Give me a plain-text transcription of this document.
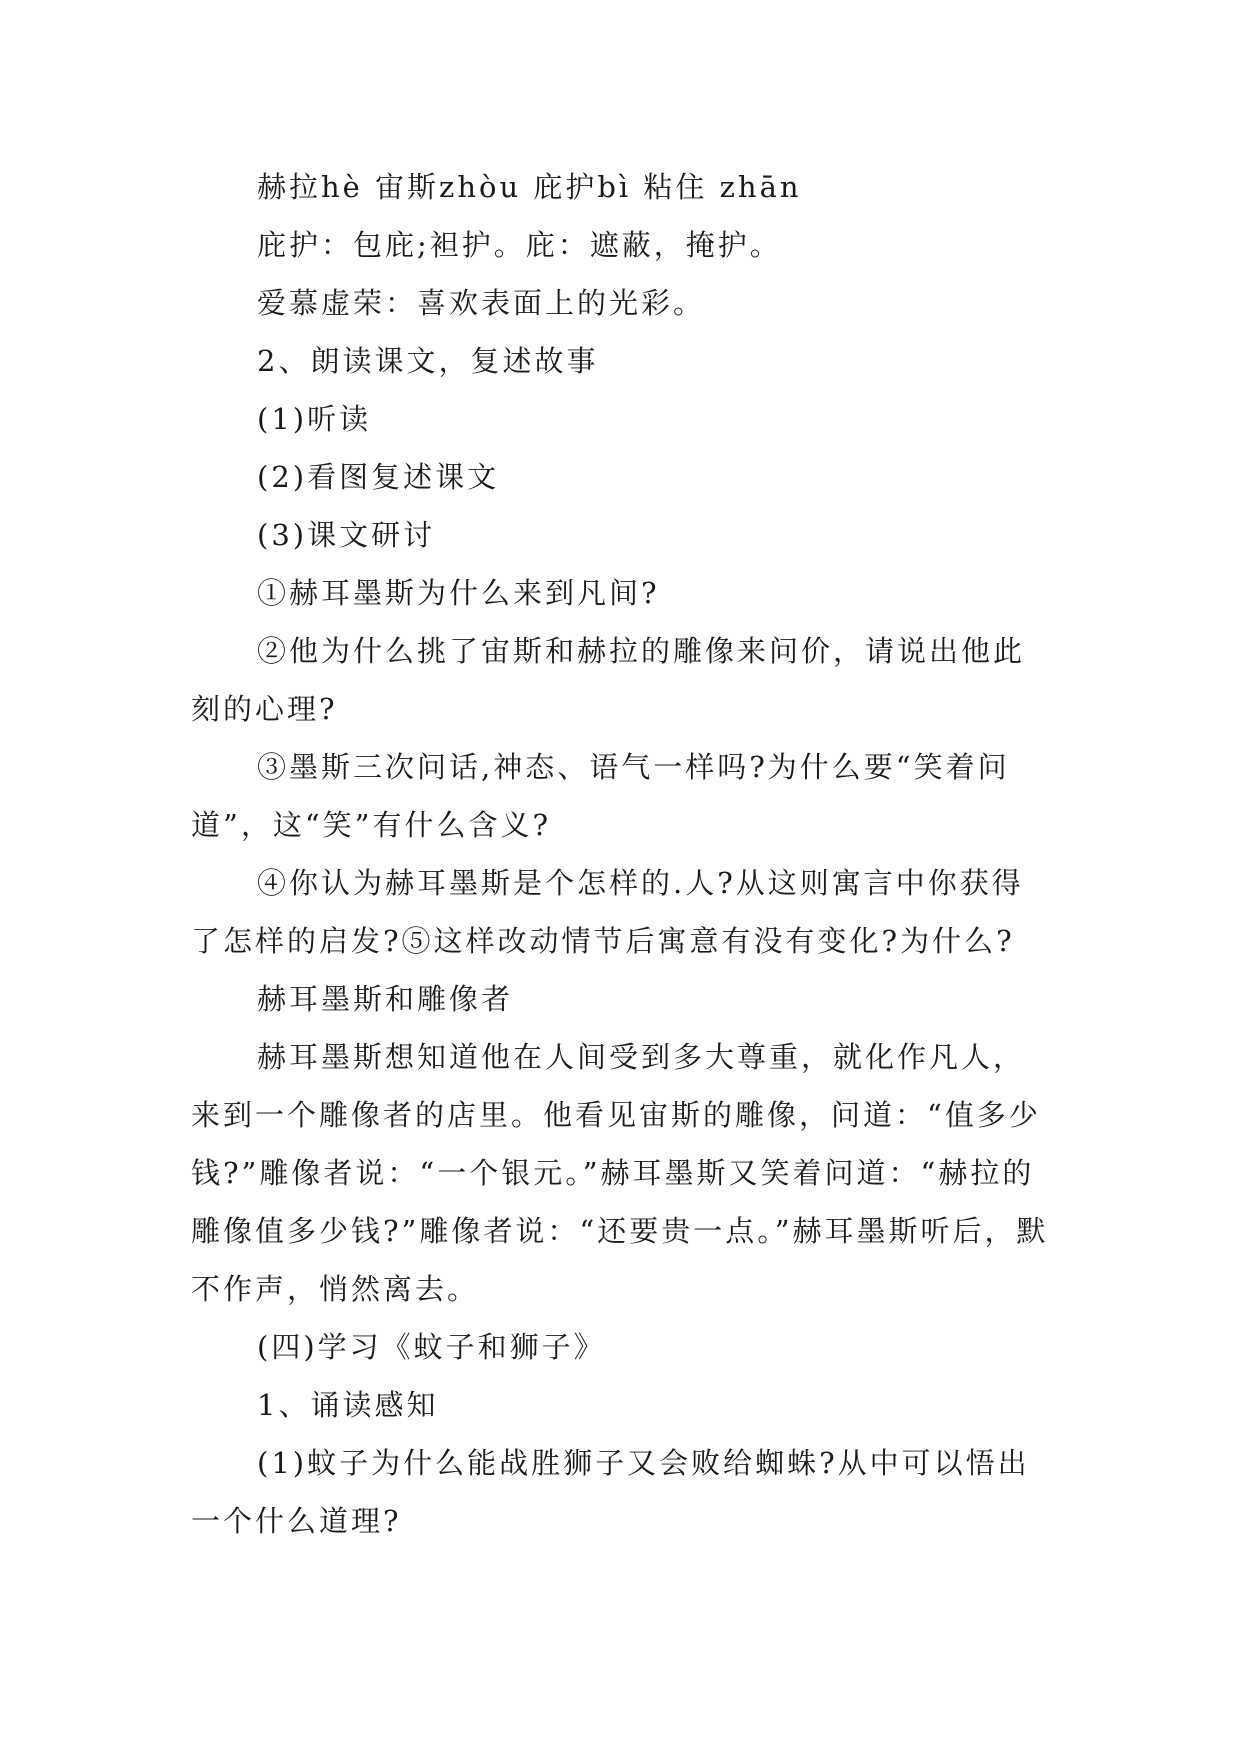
赫拉hè 宙斯zhòu 庇护bì 粘住 zhān

庇护：包庇;袒护。庇：遮蔽，掩护。

爱慕虚荣：喜欢表面上的光彩。

2、朗读课文，复述故事

(1)听读

(2)看图复述课文

(3)课文研讨

①赫耳墨斯为什么来到凡间?

②他为什么挑了宙斯和赫拉的雕像来问价，请说出他此刻的心理?

③墨斯三次问话,神态、语气一样吗?为什么要“笑着问道”，这“笑”有什么含义?

④你认为赫耳墨斯是个怎样的.人?从这则寓言中你获得了怎样的启发?⑤这样改动情节后寓意有没有变化?为什么?

赫耳墨斯和雕像者

赫耳墨斯想知道他在人间受到多大尊重，就化作凡人，来到一个雕像者的店里。他看见宙斯的雕像，问道：“值多少钱?”雕像者说：“一个银元。”赫耳墨斯又笑着问道：“赫拉的雕像值多少钱?”雕像者说：“还要贵一点。”赫耳墨斯听后，默不作声，悄然离去。

(四)学习《蚊子和狮子》

1、诵读感知

(1)蚊子为什么能战胜狮子又会败给蜘蛛?从中可以悟出一个什么道理?
